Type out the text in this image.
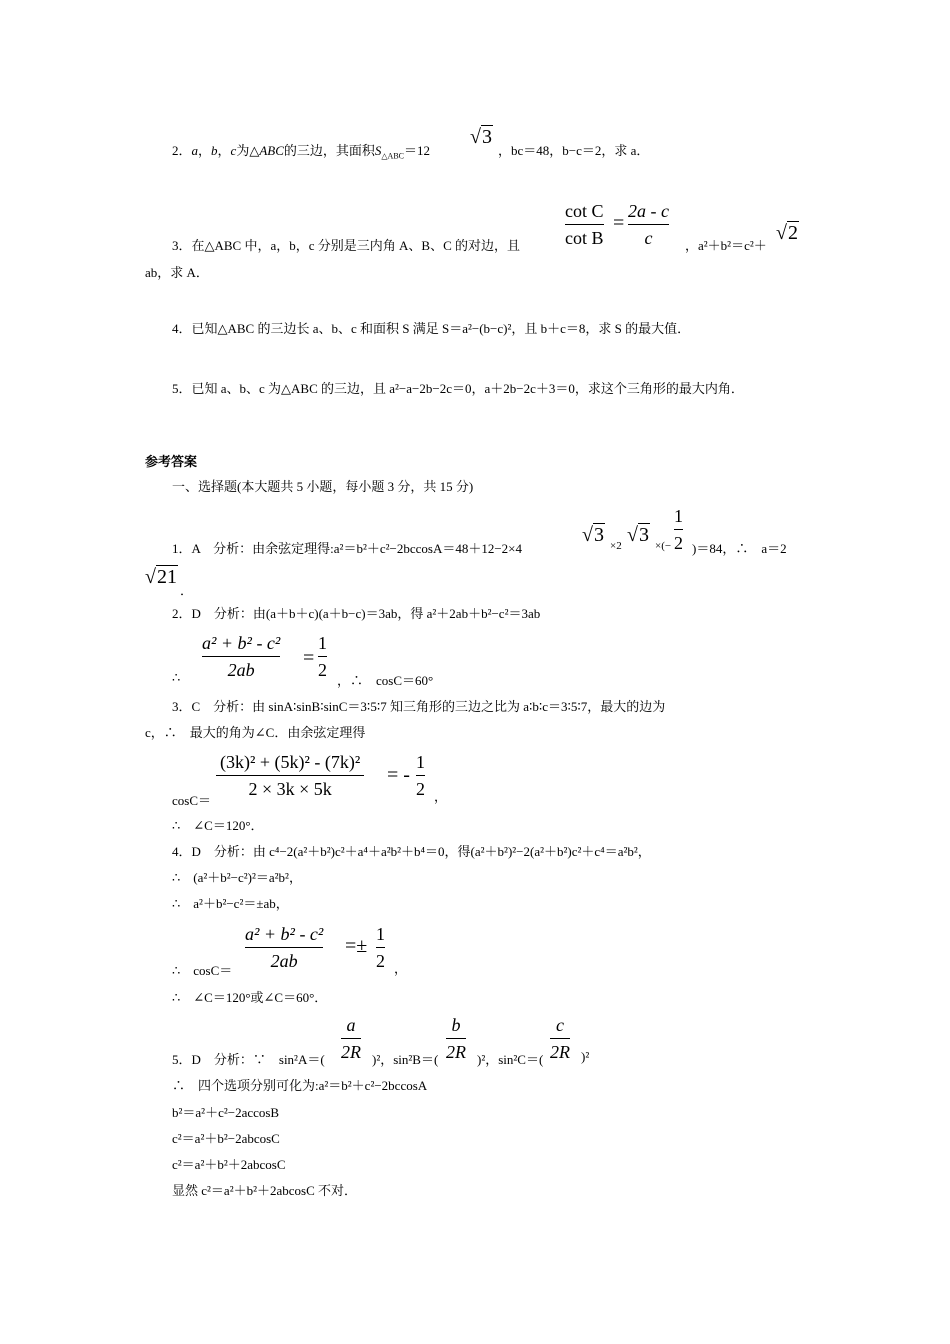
2．a，b，c为△ABC的三边，其面积$S_{\triangle ABC}=12$
√3
，bc＝48，b−c＝2，求 a．
cot C
cot B
=
2a - c
c
3．在△ABC 中，a，b，c 分别是三内角 A、B、C 的对边，且	，a²＋b²＝c²＋
√2
ab，求 A．
4．已知△ABC 的三边长 a、b、c 和面积 S 满足 S＝a²−(b−c)²，且 b＋c＝8，求 S 的最大值．
5．已知 a、b、c 为△ABC 的三边，且 a²−a−2b−2c＝0，a＋2b−2c＋3＝0，求这个三角形的最大内角．
参考答案
一、选择题(本大题共 5 小题，每小题 3 分，共 15 分)
1．A　分析：由余弦定理得:a²＝b²＋c²−2bccosA＝48＋12−2×4
√3 ×2 √3 ×(−
1
2 )＝84，∴　a＝2
√21
．
2．D　分析：由(a＋b＋c)(a＋b−c)＝3ab，得 a²＋2ab＋b²−c²＝3ab
∴
a² + b² - c²
2ab
=
1
2
，∴　cosC＝60°
3．C　分析：由 sinA∶sinB∶sinC＝3∶5∶7 知三角形的三边之比为 a∶b∶c＝3∶5∶7，最大的边为
c，∴　最大的角为∠C．由余弦定理得
cosC＝
(3k)² + (5k)² - (7k)²
2 × 3k × 5k
= -
1
2 ，
∴　∠C＝120°．
4．D　分析：由 c⁴−2(a²＋b²)c²＋a⁴＋a²b²＋b⁴＝0，得(a²＋b²)²−2(a²＋b²)c²＋c⁴＝a²b²，
∴　(a²＋b²−c²)²＝a²b²，
∴　a²＋b²−c²＝±ab，
∴　cosC＝
a² + b² - c²
2ab
=±
1
2 ，
∴　∠C＝120°或∠C＝60°．
5．D　分析：∵　sin²A＝(
a
2R )²，sin²B＝(
b
2R )²，sin²C＝(
c
2R )²
∴　四个选项分别可化为:a²＝b²＋c²−2bccosA
b²＝a²＋c²−2accosB
c²＝a²＋b²−2abcosC
c²＝a²＋b²＋2abcosC
显然 c²＝a²＋b²＋2abcosC 不对．
